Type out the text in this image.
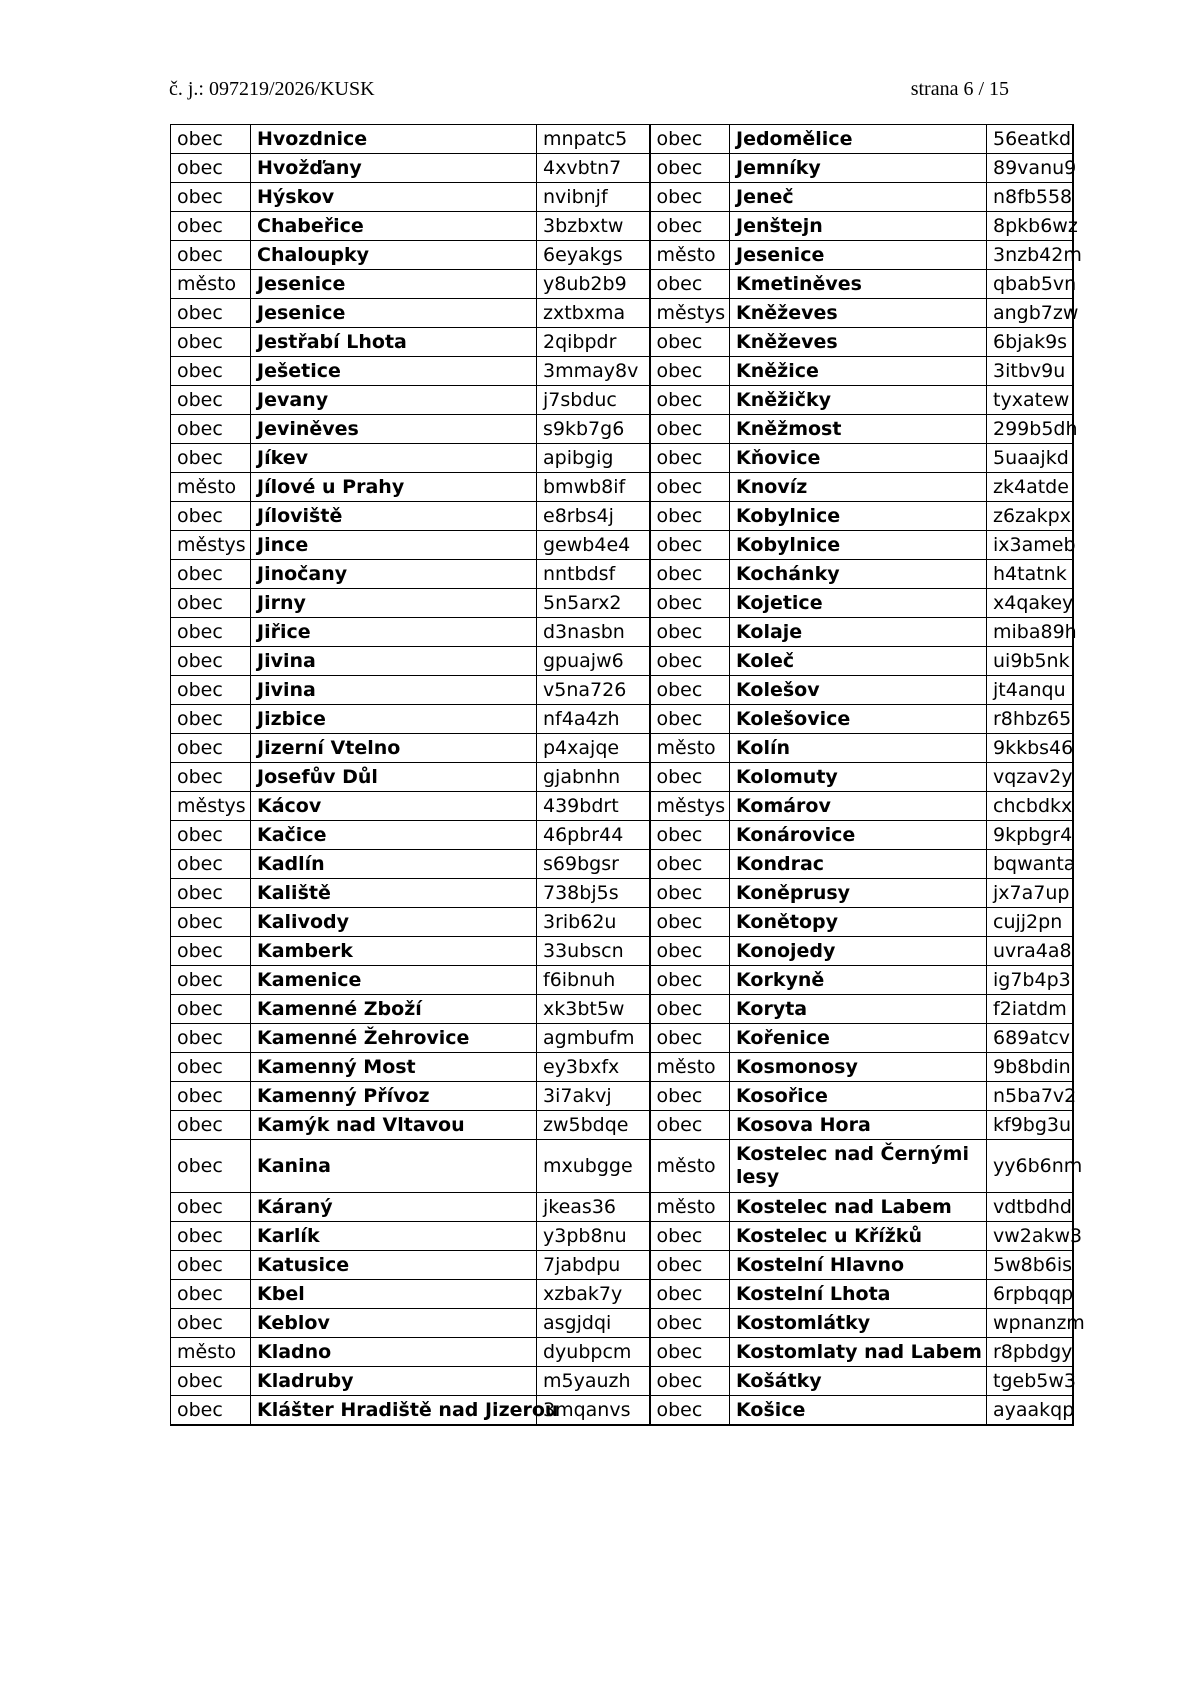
č. j.: 097219/2026/KUSK	strana 6 / 15
obec	Hvozdnice	mnpatc5	obec	Jedomělice	56eatkd
obec	Hvožďany	4xvbtn7	obec	Jemníky	89vanu9
obec	Hýskov	nvibnjf	obec	Jeneč	n8fb558
obec	Chabeřice	3bzbxtw	obec	Jenštejn	8pkb6wz
obec	Chaloupky	6eyakgs	město	Jesenice	3nzb42m
město	Jesenice	y8ub2b9	obec	Kmetiněves	qbab5vn
obec	Jesenice	zxtbxma	městys	Kněževes	angb7zw
obec	Jestřabí Lhota	2qibpdr	obec	Kněževes	6bjak9s
obec	Ješetice	3mmay8v	obec	Kněžice	3itbv9u
obec	Jevany	j7sbduc	obec	Kněžičky	tyxatew
obec	Jeviněves	s9kb7g6	obec	Kněžmost	299b5dh
obec	Jíkev	apibgig	obec	Kňovice	5uaajkd
město	Jílové u Prahy	bmwb8if	obec	Knovíz	zk4atde
obec	Jíloviště	e8rbs4j	obec	Kobylnice	z6zakpx
městys	Jince	gewb4e4	obec	Kobylnice	ix3ameb
obec	Jinočany	nntbdsf	obec	Kochánky	h4tatnk
obec	Jirny	5n5arx2	obec	Kojetice	x4qakey
obec	Jiřice	d3nasbn	obec	Kolaje	miba89h
obec	Jivina	gpuajw6	obec	Koleč	ui9b5nk
obec	Jivina	v5na726	obec	Kolešov	jt4anqu
obec	Jizbice	nf4a4zh	obec	Kolešovice	r8hbz65
obec	Jizerní Vtelno	p4xajqe	město	Kolín	9kkbs46
obec	Josefův Důl	gjabnhn	obec	Kolomuty	vqzav2y
městys	Kácov	439bdrt	městys	Komárov	chcbdkx
obec	Kačice	46pbr44	obec	Konárovice	9kpbgr4
obec	Kadlín	s69bgsr	obec	Kondrac	bqwanta
obec	Kaliště	738bj5s	obec	Koněprusy	jx7a7up
obec	Kalivody	3rib62u	obec	Konětopy	cujj2pn
obec	Kamberk	33ubscn	obec	Konojedy	uvra4a8
obec	Kamenice	f6ibnuh	obec	Korkyně	ig7b4p3
obec	Kamenné Zboží	xk3bt5w	obec	Koryta	f2iatdm
obec	Kamenné Žehrovice	agmbufm	obec	Kořenice	689atcv
obec	Kamenný Most	ey3bxfx	město	Kosmonosy	9b8bdin
obec	Kamenný Přívoz	3i7akvj	obec	Kosořice	n5ba7v2
obec	Kamýk nad Vltavou	zw5bdqe	obec	Kosova Hora	kf9bg3u
obec	Kanina	mxubgge	město	Kostelec nad Černými lesy	yy6b6nm
obec	Káraný	jkeas36	město	Kostelec nad Labem	vdtbdhd
obec	Karlík	y3pb8nu	obec	Kostelec u Křížků	vw2akw3
obec	Katusice	7jabdpu	obec	Kostelní Hlavno	5w8b6is
obec	Kbel	xzbak7y	obec	Kostelní Lhota	6rpbqqp
obec	Keblov	asgjdqi	obec	Kostomlátky	wpnanzm
město	Kladno	dyubpcm	obec	Kostomlaty nad Labem	r8pbdgy
obec	Kladruby	m5yauzh	obec	Košátky	tgeb5w3
obec	Klášter Hradiště nad Jizerou	3mqanvs	obec	Košice	ayaakqp
